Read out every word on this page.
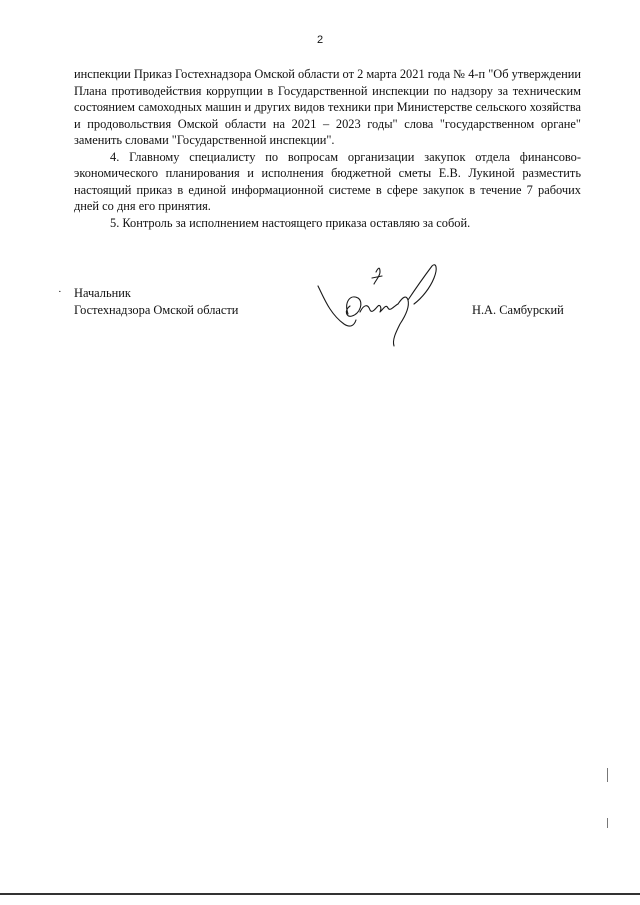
2

инспекции Приказ Гостехнадзора Омской области от 2 марта 2021 года № 4-п "Об утверждении Плана противодействия коррупции в Государственной инспекции по надзору за техническим состоянием самоходных машин и других видов техники при Министерстве сельского хозяйства и продовольствия Омской области на 2021 – 2023 годы" слова "государственном органе" заменить словами "Государственной инспекции".

4. Главному специалисту по вопросам организации закупок отдела финансово-экономического планирования и исполнения бюджетной сметы Е.В. Лукиной разместить настоящий приказ в единой информационной системе в сфере закупок в течение 7 рабочих дней со дня его принятия.

5. Контроль за исполнением настоящего приказа оставляю за собой.

· Начальник
Гостехнадзора Омской области	Н.А. Самбурский
